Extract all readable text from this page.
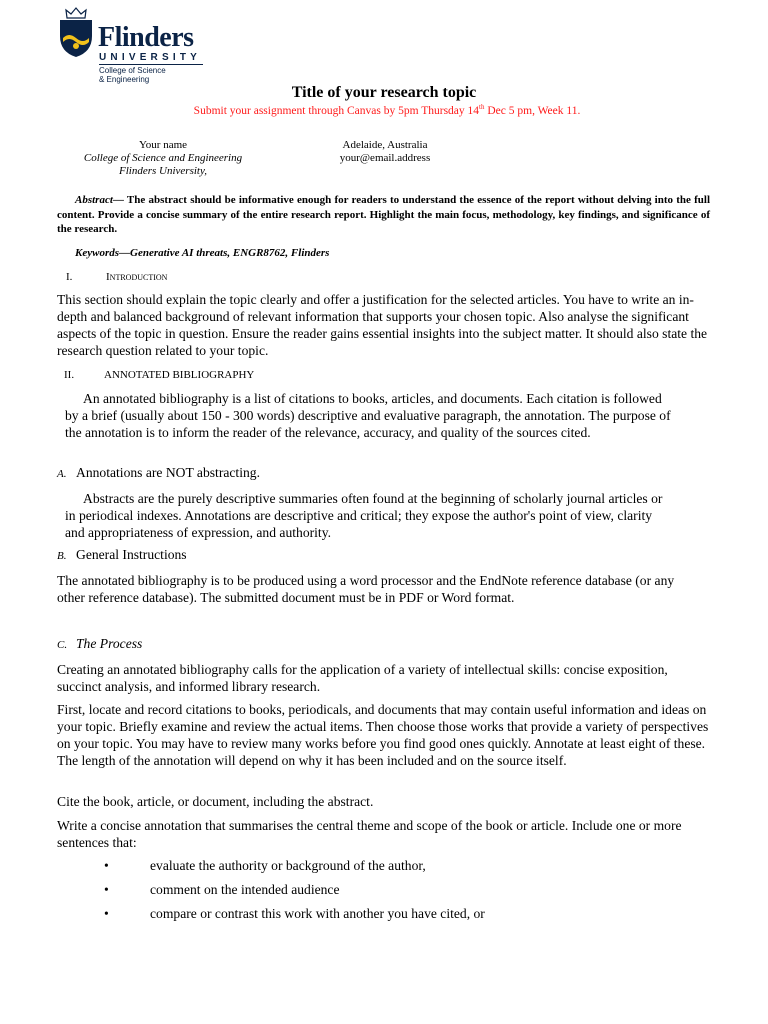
Flinders
UNIVERSITY
College of Science
& Engineering
Title of your research topic
Submit your assignment through Canvas by 5pm Thursday 14th Dec 5 pm, Week 11.
Your name
College of Science and Engineering
Flinders University,
Adelaide, Australia
your@email.address
Abstract— The abstract should be informative enough for readers to understand the essence of the report without delving into the full content. Provide a concise summary of the entire research report. Highlight the main focus, methodology, key findings, and significance of the research.
Keywords—Generative AI threats, ENGR8762, Flinders
I.	Introduction
This section should explain the topic clearly and offer a justification for the selected articles. You have to write an in-depth and balanced background of relevant information that supports your chosen topic. Also analyse the significant aspects of the topic in question. Ensure the reader gains essential insights into the subject matter. It should also state the research question related to your topic.
II.	ANNOTATED BIBLIOGRAPHY
An annotated bibliography is a list of citations to books, articles, and documents. Each citation is followed by a brief (usually about 150 - 300 words) descriptive and evaluative paragraph, the annotation. The purpose of the annotation is to inform the reader of the relevance, accuracy, and quality of the sources cited.
A. Annotations are NOT abstracting.
Abstracts are the purely descriptive summaries often found at the beginning of scholarly journal articles or in periodical indexes. Annotations are descriptive and critical; they expose the author's point of view, clarity and appropriateness of expression, and authority.
B. General Instructions
The annotated bibliography is to be produced using a word processor and the EndNote reference database (or any other reference database). The submitted document must be in PDF or Word format.
C. The Process
Creating an annotated bibliography calls for the application of a variety of intellectual skills: concise exposition, succinct analysis, and informed library research.
First, locate and record citations to books, periodicals, and documents that may contain useful information and ideas on your topic. Briefly examine and review the actual items. Then choose those works that provide a variety of perspectives on your topic. You may have to review many works before you find good ones quickly. Annotate at least eight of these. The length of the annotation will depend on why it has been included and on the source itself.
Cite the book, article, or document, including the abstract.
Write a concise annotation that summarises the central theme and scope of the book or article. Include one or more sentences that:
•	evaluate the authority or background of the author,
•	comment on the intended audience
•	compare or contrast this work with another you have cited, or
